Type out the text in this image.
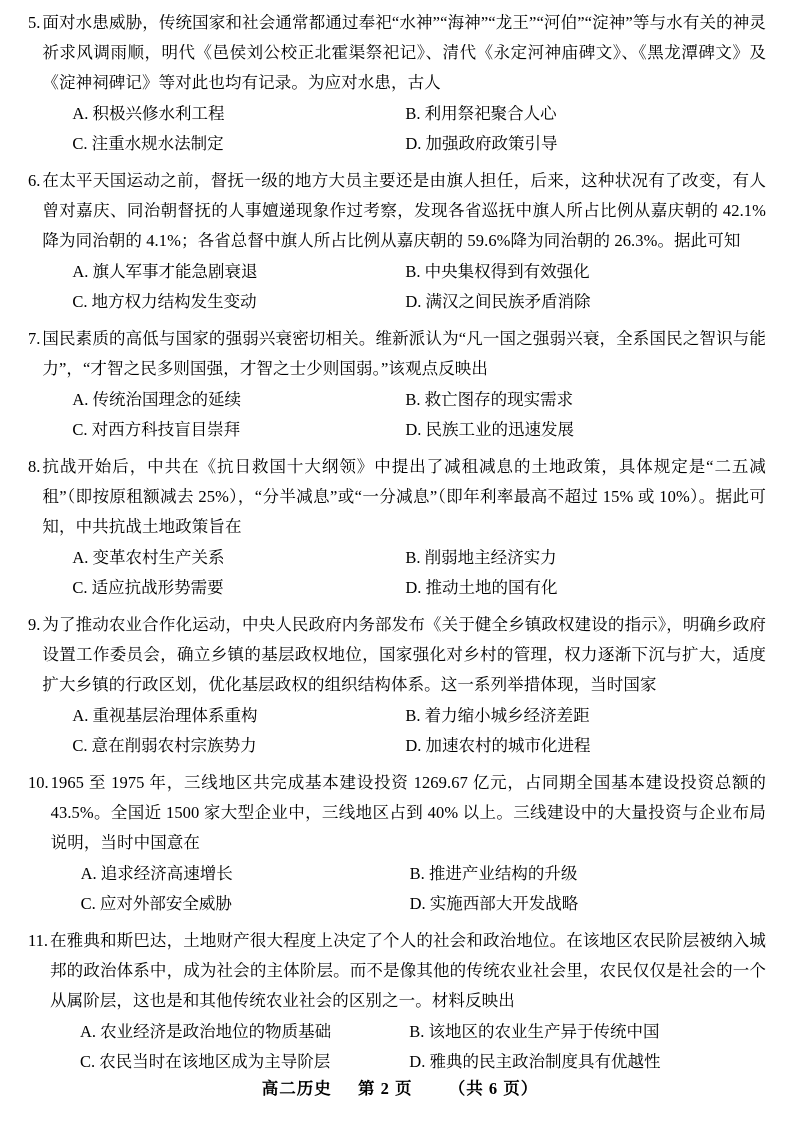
5. 面对水患威胁，传统国家和社会通常都通过奉祀“水神”“海神”“龙王”“河伯”“淀神”等与水有关的神灵祈求风调雨顺，明代《邑侯刘公校正北霍渠祭祀记》、清代《永定河神庙碑文》、《黑龙潭碑文》及《淀神祠碑记》等对此也均有记录。为应对水患，古人
A. 积极兴修水利工程	B. 利用祭祀聚合人心
C. 注重水规水法制定	D. 加强政府政策引导
6. 在太平天国运动之前，督抚一级的地方大员主要还是由旗人担任，后来，这种状况有了改变，有人曾对嘉庆、同治朝督抚的人事嬗递现象作过考察，发现各省巡抚中旗人所占比例从嘉庆朝的 42.1%降为同治朝的 4.1%；各省总督中旗人所占比例从嘉庆朝的 59.6%降为同治朝的 26.3%。据此可知
A. 旗人军事才能急剧衰退	B. 中央集权得到有效强化
C. 地方权力结构发生变动	D. 满汉之间民族矛盾消除
7. 国民素质的高低与国家的强弱兴衰密切相关。维新派认为“凡一国之强弱兴衰，全系国民之智识与能力”，“才智之民多则国强，才智之士少则国弱。”该观点反映出
A. 传统治国理念的延续	B. 救亡图存的现实需求
C. 对西方科技盲目崇拜	D. 民族工业的迅速发展
8. 抗战开始后，中共在《抗日救国十大纲领》中提出了减租减息的土地政策，具体规定是“二五减租”（即按原租额减去 25%），“分半减息”或“一分减息”（即年利率最高不超过 15% 或 10%）。据此可知，中共抗战土地政策旨在
A. 变革农村生产关系	B. 削弱地主经济实力
C. 适应抗战形势需要	D. 推动土地的国有化
9. 为了推动农业合作化运动，中央人民政府内务部发布《关于健全乡镇政权建设的指示》，明确乡政府设置工作委员会，确立乡镇的基层政权地位，国家强化对乡村的管理，权力逐渐下沉与扩大，适度扩大乡镇的行政区划，优化基层政权的组织结构体系。这一系列举措体现，当时国家
A. 重视基层治理体系重构	B. 着力缩小城乡经济差距
C. 意在削弱农村宗族势力	D. 加速农村的城市化进程
10. 1965 至 1975 年，三线地区共完成基本建设投资 1269.67 亿元，占同期全国基本建设投资总额的 43.5%。全国近 1500 家大型企业中，三线地区占到 40% 以上。三线建设中的大量投资与企业布局说明，当时中国意在
A. 追求经济高速增长	B. 推进产业结构的升级
C. 应对外部安全威胁	D. 实施西部大开发战略
11. 在雅典和斯巴达，土地财产很大程度上决定了个人的社会和政治地位。在该地区农民阶层被纳入城邦的政治体系中，成为社会的主体阶层。而不是像其他的传统农业社会里，农民仅仅是社会的一个从属阶层，这也是和其他传统农业社会的区别之一。材料反映出
A. 农业经济是政治地位的物质基础	B. 该地区的农业生产异于传统中国
C. 农民当时在该地区成为主导阶层	D. 雅典的民主政治制度具有优越性
高二历史 第 2 页 （共 6 页）
